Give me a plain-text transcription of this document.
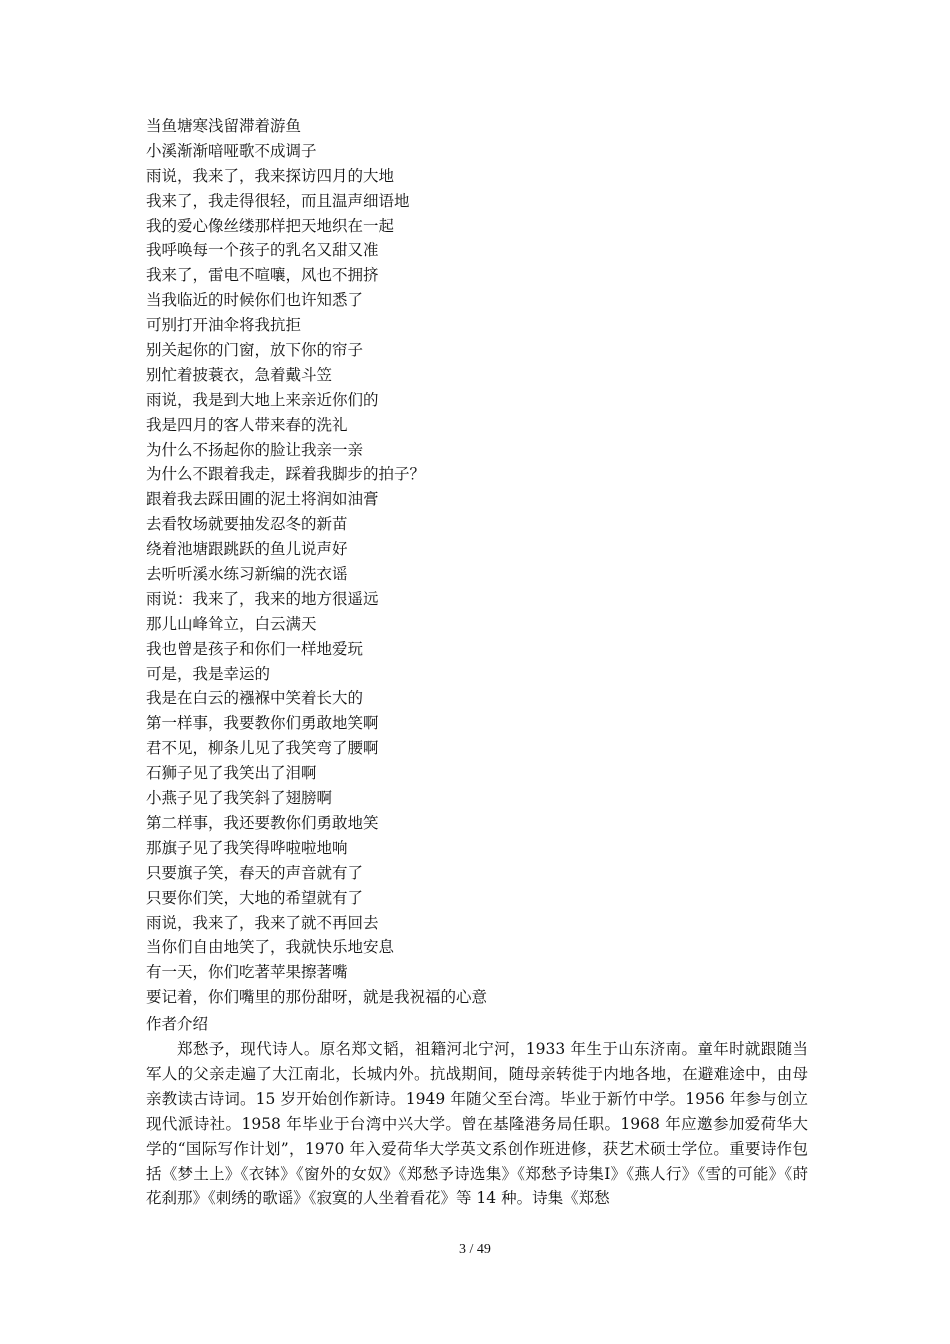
当鱼塘寒浅留滞着游鱼
小溪渐渐喑哑歌不成调子
雨说，我来了，我来探访四月的大地
我来了，我走得很轻，而且温声细语地
我的爱心像丝缕那样把天地织在一起
我呼唤每一个孩子的乳名又甜又准
我来了，雷电不喧嚷，风也不拥挤
当我临近的时候你们也许知悉了
可别打开油伞将我抗拒
别关起你的门窗，放下你的帘子
别忙着披蓑衣，急着戴斗笠
雨说，我是到大地上来亲近你们的
我是四月的客人带来春的洗礼
为什么不扬起你的脸让我亲一亲
为什么不跟着我走，踩着我脚步的拍子？
跟着我去踩田圃的泥土将润如油膏
去看牧场就要抽发忍冬的新苗
绕着池塘跟跳跃的鱼儿说声好
去听听溪水练习新编的洗衣谣
雨说：我来了，我来的地方很遥远
那儿山峰耸立，白云满天
我也曾是孩子和你们一样地爱玩
可是，我是幸运的
我是在白云的襁褓中笑着长大的
第一样事，我要教你们勇敢地笑啊
君不见，柳条儿见了我笑弯了腰啊
石狮子见了我笑出了泪啊
小燕子见了我笑斜了翅膀啊
第二样事，我还要教你们勇敢地笑
那旗子见了我笑得哗啦啦地响
只要旗子笑，春天的声音就有了
只要你们笑，大地的希望就有了
雨说，我来了，我来了就不再回去
当你们自由地笑了，我就快乐地安息
有一天，你们吃著苹果擦著嘴
要记着，你们嘴里的那份甜呀，就是我祝福的心意
作者介绍

郑愁予，现代诗人。原名郑文韬，祖籍河北宁河，1933 年生于山东济南。童年时就跟随当军人的父亲走遍了大江南北，长城内外。抗战期间，随母亲转徙于内地各地，在避难途中，由母亲教读古诗词。15 岁开始创作新诗。1949 年随父至台湾。毕业于新竹中学。1956 年参与创立现代派诗社。1958 年毕业于台湾中兴大学。曾在基隆港务局任职。1968 年应邀参加爱荷华大学的“国际写作计划”，1970 年入爱荷华大学英文系创作班进修，获艺术硕士学位。重要诗作包括《梦土上》《衣钵》《窗外的女奴》《郑愁予诗选集》《郑愁予诗集Ⅰ》《燕人行》《雪的可能》《莳花刹那》《刺绣的歌谣》《寂寞的人坐着看花》等 14 种。诗集《郑愁

3 / 49
